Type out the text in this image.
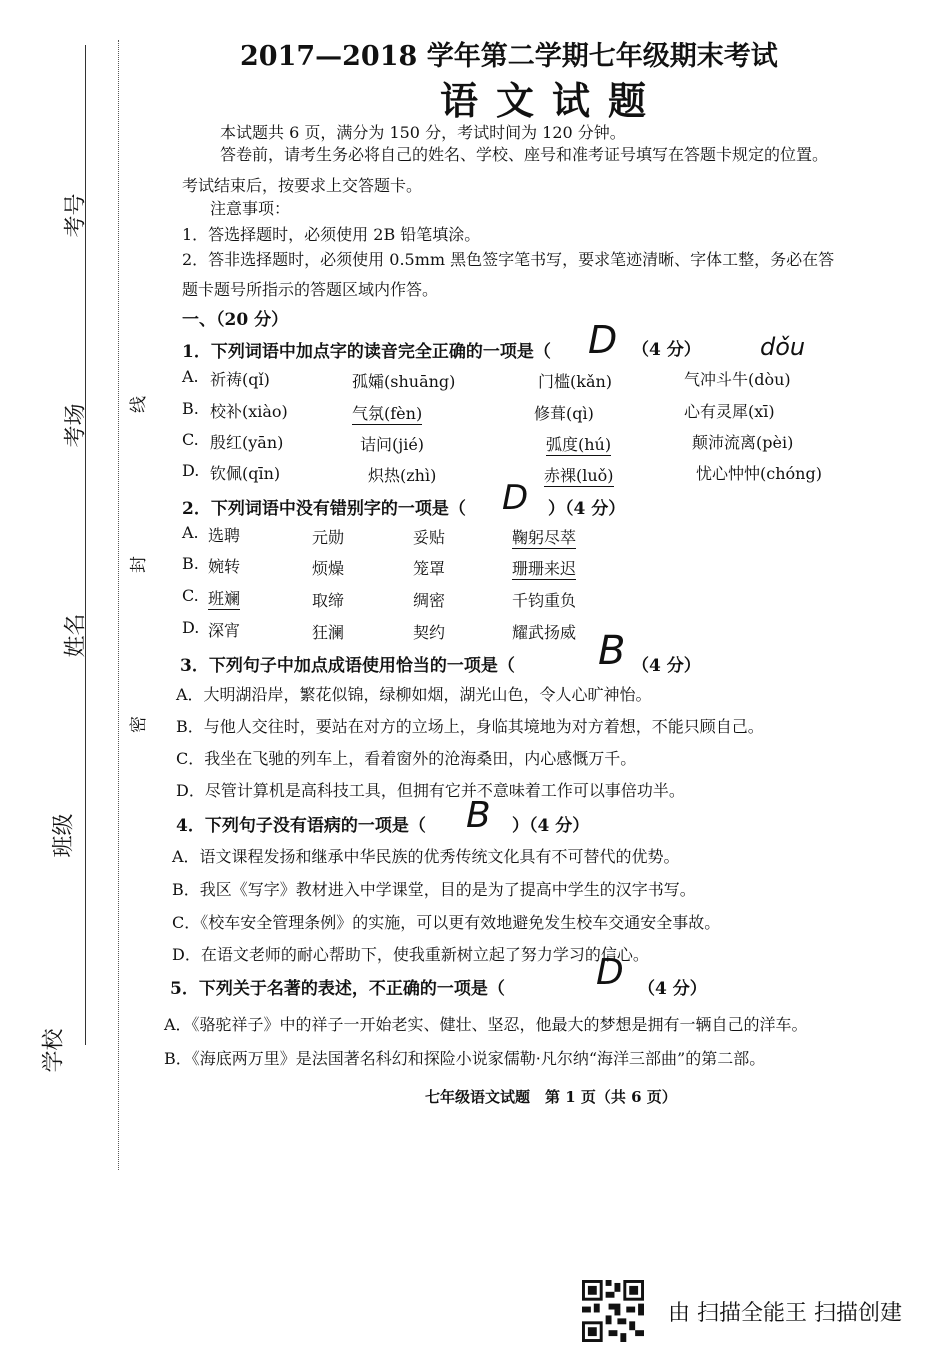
考号
考场
姓名
班级
学校
线
封
密
2017—2018 学年第二学期七年级期末考试
语文试题
本试题共 6 页，满分为 150 分，考试时间为 120 分钟。
答卷前，请考生务必将自己的姓名、学校、座号和准考证号填写在答题卡规定的位置。
考试结束后，按要求上交答题卡。
注意事项：
1．答选择题时，必须使用 2B 铅笔填涂。
2．答非选择题时，必须使用 0.5mm 黑色签字笔书写，要求笔迹清晰、字体工整，务必在答
题卡题号所指示的答题区域内作答。
一、（20 分）
1．下列词语中加点字的读音完全正确的一项是（ D （4 分） dǒu
A. 祈祷(qǐ)	孤孀(shuāng)	门槛(kǎn)	气冲斗牛(dòu)
B. 校补(xiào)	气氛(fèn)	修葺(qì)	心有灵犀(xī)
C. 殷红(yān)	诘问(jié)	弧度(hú)	颠沛流离(pèi)
D. 钦佩(qīn)	炽热(zhì)	赤裸(luǒ)	忧心忡忡(chóng)
2．下列词语中没有错别字的一项是（ D ）（4 分）
A. 选聘	元勋	妥贴	鞠躬尽萃
B. 婉转	烦燥	笼罩	珊珊来迟
C. 班斓	取缔	绸密	千钧重负
D. 深宵	狂澜	契约	耀武扬威
3．下列句子中加点成语使用恰当的一项是（ B （4 分）
A．大明湖沿岸，繁花似锦，绿柳如烟，湖光山色，令人心旷神怡。
B．与他人交往时，要站在对方的立场上，身临其境地为对方着想，不能只顾自己。
C．我坐在飞驰的列车上，看着窗外的沧海桑田，内心感慨万千。
D．尽管计算机是高科技工具，但拥有它并不意味着工作可以事倍功半。
4．下列句子没有语病的一项是（ B ）（4 分）
A．语文课程发扬和继承中华民族的优秀传统文化具有不可替代的优势。
B．我区《写字》教材进入中学课堂，目的是为了提高中学生的汉字书写。
C．《校车安全管理条例》的实施，可以更有效地避免发生校车交通安全事故。
D．在语文老师的耐心帮助下，使我重新树立起了努力学习的信心。
5．下列关于名著的表述，不正确的一项是（	D （4 分）
A．《骆驼祥子》中的祥子一开始老实、健壮、坚忍，他最大的梦想是拥有一辆自己的洋车。
B．《海底两万里》是法国著名科幻和探险小说家儒勒·凡尔纳“海洋三部曲”的第二部。
七年级语文试题　第 1 页（共 6 页）
由 扫描全能王 扫描创建
